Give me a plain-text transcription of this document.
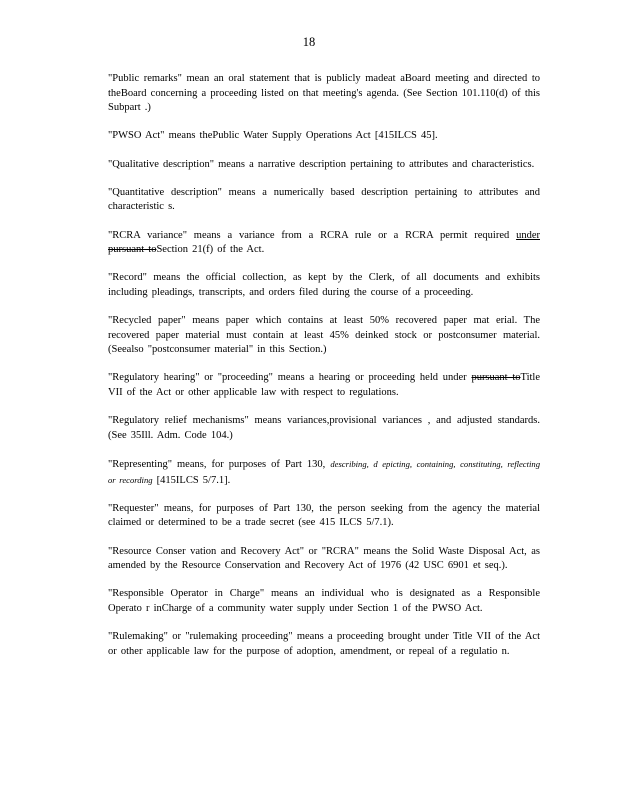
18

"Public remarks" mean an oral statement that is publicly madeat aBoard meeting and directed to theBoard concerning a proceeding listed on that meeting's agenda. (See Section 101.110(d) of this Subpart .)

"PWSO Act" means thePublic Water Supply Operations Act [415ILCS 45].

"Qualitative description" means a narrative description pertaining to attributes and characteristics.

"Quantitative description" means a numerically based description pertaining to attributes and characteristic s.

"RCRA variance" means a variance from a RCRA rule or a RCRA permit required under pursuant toSection 21(f) of the Act.

"Record" means the official collection, as kept by the Clerk, of all documents and exhibits including pleadings, transcripts, and orders filed during the course of a proceeding.

"Recycled paper" means paper which contains at least 50% recovered paper mat erial. The recovered paper material must contain at least 45% deinked stock or postconsumer material. (Seealso "postconsumer material" in this Section.)

"Regulatory hearing" or "proceeding" means a hearing or proceeding held under pursuant toTitle VII of the Act or other applicable law with respect to regulations.

"Regulatory relief mechanisms" means variances,provisional variances , and adjusted standards. (See 35Ill. Adm. Code 104.)

"Representing" means, for purposes of Part 130, describing, d epicting, containing, constituting, reflecting or recording [415ILCS 5/7.1].

"Requester" means, for purposes of Part 130, the person seeking from the agency the material claimed or determined to be a trade secret (see 415 ILCS 5/7.1).

"Resource Conser vation and Recovery Act" or "RCRA" means the Solid Waste Disposal Act, as amended by the Resource Conservation and Recovery Act of 1976 (42 USC 6901 et seq.).

"Responsible Operator in Charge" means an individual who is designated as a Responsible Operato r inCharge of a community water supply under Section 1 of the PWSO Act.

"Rulemaking" or "rulemaking proceeding" means a proceeding brought under Title VII of the Act or other applicable law for the purpose of adoption, amendment, or repeal of a regulatio n.
